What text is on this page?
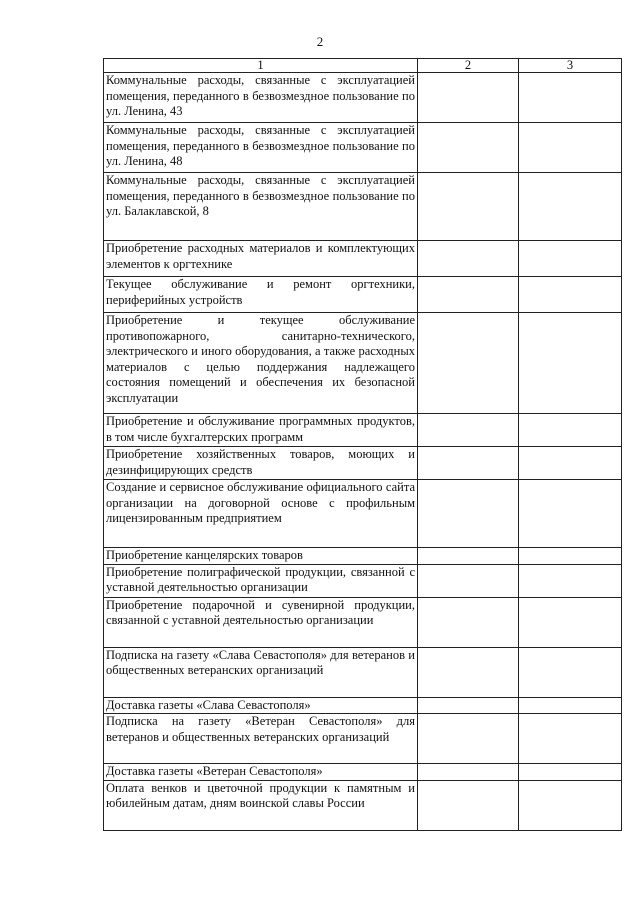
2
1	2	3
Коммунальные расходы, связанные с эксплуатацией помещения, переданного в безвозмездное пользование по ул. Ленина, 43		
Коммунальные расходы, связанные с эксплуатацией помещения, переданного в безвозмездное пользование по ул. Ленина, 48		
Коммунальные расходы, связанные с эксплуатацией помещения, переданного в безвозмездное пользование по ул. Балаклавской, 8		
Приобретение расходных материалов и комплектующих элементов к оргтехнике		
Текущее обслуживание и ремонт оргтехники, периферийных устройств		
Приобретение и текущее обслуживание противопожарного, санитарно-технического, электрического и иного оборудования, а также расходных материалов с целью поддержания надлежащего состояния помещений и обеспечения их безопасной эксплуатации		
Приобретение и обслуживание программных продуктов, в том числе бухгалтерских программ		
Приобретение хозяйственных товаров, моющих и дезинфицирующих средств		
Создание и сервисное обслуживание официального сайта организации на договорной основе с профильным лицензированным предприятием		
Приобретение канцелярских товаров		
Приобретение полиграфической продукции, связанной с уставной деятельностью организации		
Приобретение подарочной и сувенирной продукции, связанной с уставной деятельностью организации		
Подписка на газету «Слава Севастополя» для ветеранов и общественных ветеранских организаций		
Доставка газеты «Слава Севастополя»		
Подписка на газету «Ветеран Севастополя» для ветеранов и общественных ветеранских организаций		
Доставка газеты «Ветеран Севастополя»		
Оплата венков и цветочной продукции к памятным и юбилейным датам, дням воинской славы России		
